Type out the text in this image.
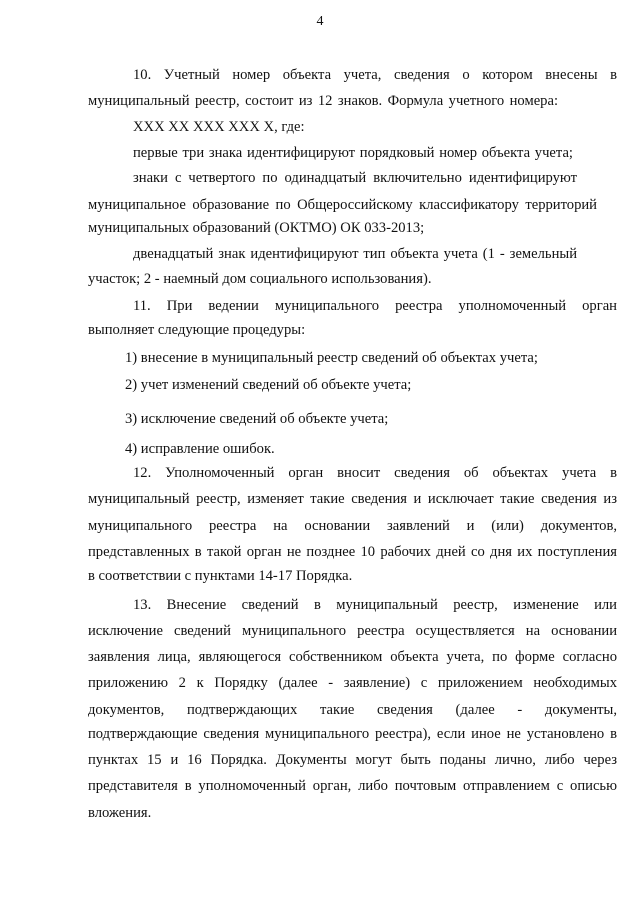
4
10. Учетный номер объекта учета, сведения о котором внесены в
муниципальный реестр, состоит из 12 знаков. Формула учетного номера:
XXX XX XXX XXX X, где:
первые три знака идентифицируют порядковый номер объекта учета;
знаки с четвертого по одинадцатый включительно идентифицируют
муниципальное образование по Общероссийскому классификатору территорий
муниципальных образований (ОКТМО) ОК 033-2013;
двенадцатый знак идентифицируют тип объекта учета (1 - земельный
участок; 2 - наемный дом социального использования).
11. При ведении муниципального реестра уполномоченный орган
выполняет следующие процедуры:
1) внесение в муниципальный реестр сведений об объектах учета;
2) учет изменений сведений об объекте учета;
3) исключение сведений об объекте учета;
4) исправление ошибок.
12. Уполномоченный орган вносит сведения об объектах учета в
муниципальный реестр, изменяет такие сведения и исключает такие сведения из
муниципального реестра на основании заявлений и (или) документов,
представленных в такой орган не позднее 10 рабочих дней со дня их поступления
в соответствии с пунктами 14-17 Порядка.
13. Внесение сведений в муниципальный реестр, изменение или
исключение сведений муниципального реестра осуществляется на основании
заявления лица, являющегося собственником объекта учета, по форме согласно
приложению 2 к Порядку (далее - заявление) с приложением необходимых
документов, подтверждающих такие сведения (далее - документы,
подтверждающие сведения муниципального реестра), если иное не установлено в
пунктах 15 и 16 Порядка. Документы могут быть поданы лично, либо через
представителя в уполномоченный орган, либо почтовым отправлением с описью
вложения.
